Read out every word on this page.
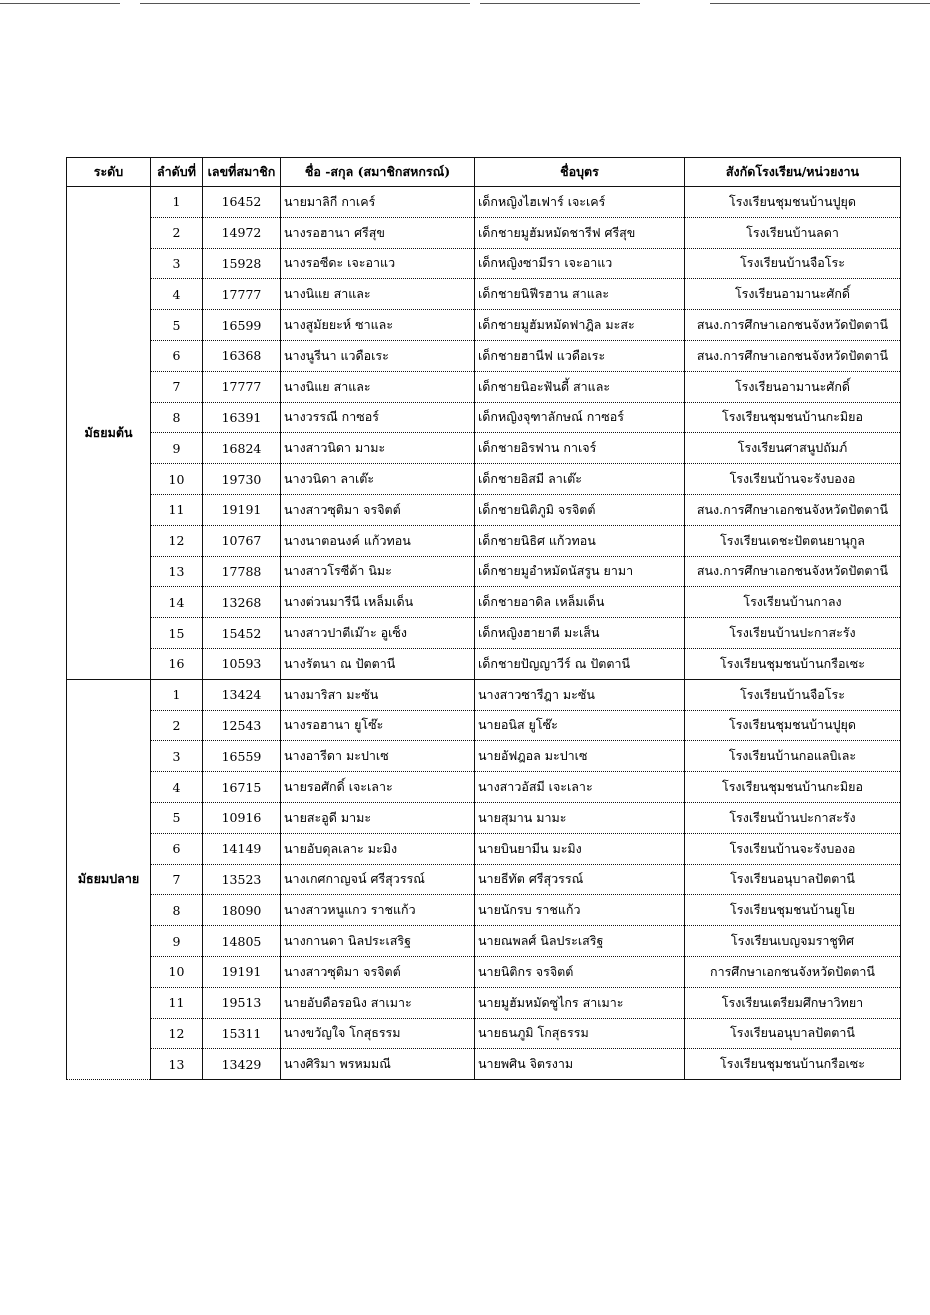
ระดับ	ลำดับที่	เลขที่สมาชิก	ชื่อ -สกุล (สมาชิกสหกรณ์)	ชื่อบุตร	สังกัดโรงเรียน/หน่วยงาน
มัธยมต้น	1	16452	นายมาลิกี กาเคร์	เด็กหญิงไฮเฟาร์ เจะเคร์	โรงเรียนชุมชนบ้านปูยุด
	2	14972	นางรอฮานา ศรีสุข	เด็กชายมูฮัมหมัดชารีฟ ศรีสุข	โรงเรียนบ้านลดา
	3	15928	นางรอซีดะ เจะอาแว	เด็กหญิงซามีรา เจะอาแว	โรงเรียนบ้านจือโระ
	4	17777	นางนิแย สาและ	เด็กชายนิฟีรฮาน สาและ	โรงเรียนอามานะศักดิ์
	5	16599	นางสูมัยยะห์ ซาและ	เด็กชายมูฮัมหมัดฟาฎิล มะสะ	สนง.การศึกษาเอกชนจังหวัดปัตตานี
	6	16368	นางนูรีนา แวดือเระ	เด็กชายฮานีฟ แวดือเระ	สนง.การศึกษาเอกชนจังหวัดปัตตานี
	7	17777	นางนิแย สาและ	เด็กชายนิอะฟันดี้ สาและ	โรงเรียนอามานะศักดิ์
	8	16391	นางวรรณี กาซอร์	เด็กหญิงจุฑาลักษณ์ กาซอร์	โรงเรียนชุมชนบ้านกะมิยอ
	9	16824	นางสาวนิดา มามะ	เด็กชายอิรฟาน กาเจร์	โรงเรียนศาสนูปถัมภ์
	10	19730	นางวนิดา ลาเต๊ะ	เด็กชายอิสมี ลาเต๊ะ	โรงเรียนบ้านจะรังบองอ
	11	19191	นางสาวซุติมา จรจิตต์	เด็กชายนิติภูมิ จรจิตต์	สนง.การศึกษาเอกชนจังหวัดปัตตานี
	12	10767	นางนาตอนงค์ แก้วทอน	เด็กชายนิธิศ แก้วทอน	โรงเรียนเดชะปัตตนยานุกูล
	13	17788	นางสาวโรซีด้า นิมะ	เด็กชายมูอำหมัดนัสรูน ยามา	สนง.การศึกษาเอกชนจังหวัดปัตตานี
	14	13268	นางต่วนมารีนี เหล็มเด็น	เด็กชายอาดิล เหล็มเด็น	โรงเรียนบ้านกาลง
	15	15452	นางสาวปาตีเม๊าะ อูเซ็ง	เด็กหญิงฮายาตี มะเส็น	โรงเรียนบ้านปะกาสะรัง
	16	10593	นางรัตนา ณ ปัตตานี	เด็กชายปัญญาวีร์ ณ ปัตตานี	โรงเรียนชุมชนบ้านกรือเซะ
มัธยมปลาย	1	13424	นางมาริสา มะซัน	นางสาวซารีฎา มะซัน	โรงเรียนบ้านจือโระ
	2	12543	นางรอฮานา ยูโซ๊ะ	นายอนิส ยูโซ๊ะ	โรงเรียนชุมชนบ้านปูยุด
	3	16559	นางอารีดา มะปาเซ	นายอัฟฎอล มะปาเซ	โรงเรียนบ้านกอแลบิเละ
	4	16715	นายรอศักดิ์ เจะเลาะ	นางสาวอัสมี เจะเลาะ	โรงเรียนชุมชนบ้านกะมิยอ
	5	10916	นายสะอูดี มามะ	นายสุมาน มามะ	โรงเรียนบ้านปะกาสะรัง
	6	14149	นายอับดุลเลาะ มะมิง	นายบินยามีน มะมิง	โรงเรียนบ้านจะรังบองอ
	7	13523	นางเกศกาญจน์ ศรีสุวรรณ์	นายธีทัต ศรีสุวรรณ์	โรงเรียนอนุบาลปัตตานี
	8	18090	นางสาวหนูแกว ราชแก้ว	นายนักรบ ราชแก้ว	โรงเรียนชุมชนบ้านยูโย
	9	14805	นางกานดา นิลประเสริฐ	นายณพลศ์ นิลประเสริฐ	โรงเรียนเบญจมราชูทิศ
	10	19191	นางสาวซุติมา จรจิตต์	นายนิติกร จรจิตต์	การศึกษาเอกชนจังหวัดปัตตานี
	11	19513	นายอับดือรอนิง สาเมาะ	นายมูฮัมหมัดซูไกร สาเมาะ	โรงเรียนเตรียมศึกษาวิทยา
	12	15311	นางขวัญใจ โกสุธรรม	นายธนภูมิ โกสุธรรม	โรงเรียนอนุบาลปัตตานี
	13	13429	นางศิริมา พรหมมณี	นายพศิน จิตรงาม	โรงเรียนชุมชนบ้านกรือเซะ
